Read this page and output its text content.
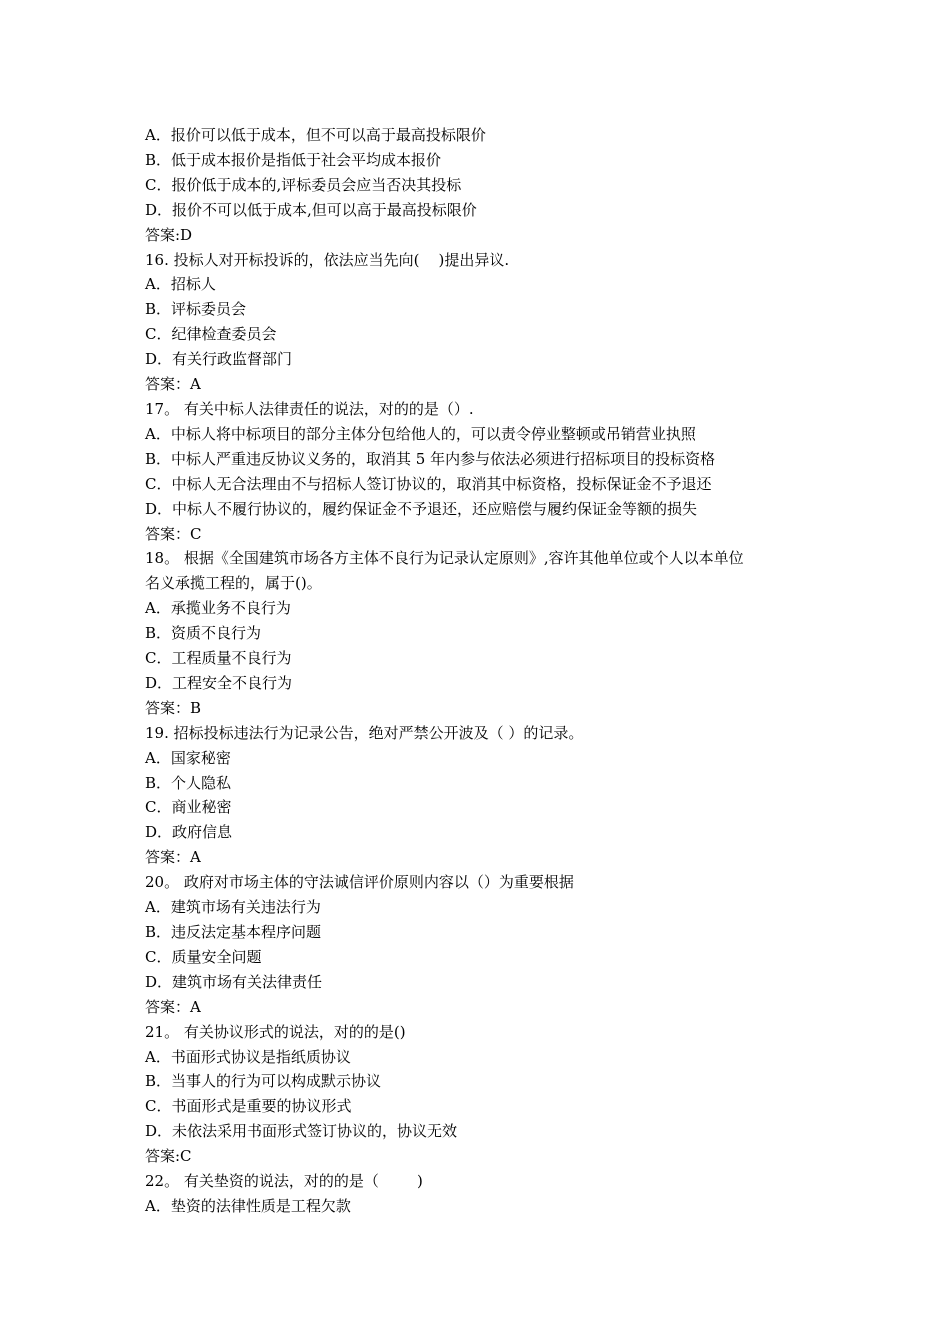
A．报价可以低于成本，但不可以高于最高投标限价

B．低于成本报价是指低于社会平均成本报价

C．报价低于成本的,评标委员会应当否决其投标

D．报价不可以低于成本,但可以高于最高投标限价

答案:D

16. 投标人对开标投诉的，依法应当先向(    )提出异议.

A．招标人

B．评标委员会

C．纪律检查委员会

D．有关行政监督部门

答案：A

17。 有关中标人法律责任的说法，对的的是（）.

A．中标人将中标项目的部分主体分包给他人的，可以责令停业整顿或吊销营业执照

B．中标人严重违反协议义务的，取消其 5 年内参与依法必须进行招标项目的投标资格

C．中标人无合法理由不与招标人签订协议的，取消其中标资格，投标保证金不予退还

D．中标人不履行协议的，履约保证金不予退还，还应赔偿与履约保证金等额的损失

答案：C

18。 根据《全国建筑市场各方主体不良行为记录认定原则》,容许其他单位或个人以本单位

名义承揽工程的，属于()。

A．承揽业务不良行为

B．资质不良行为

C．工程质量不良行为

D．工程安全不良行为

答案：B

19. 招标投标违法行为记录公告，绝对严禁公开波及（ ）的记录。

A．国家秘密

B．个人隐私

C．商业秘密

D．政府信息

答案：A

20。 政府对市场主体的守法诚信评价原则内容以（）为重要根据

A．建筑市场有关违法行为

B．违反法定基本程序问题

C．质量安全问题

D．建筑市场有关法律责任

答案：A

21。 有关协议形式的说法，对的的是()

A．书面形式协议是指纸质协议

B．当事人的行为可以构成默示协议

C．书面形式是重要的协议形式

D．未依法采用书面形式签订协议的，协议无效

答案:C

22。 有关垫资的说法，对的的是（        )

A．垫资的法律性质是工程欠款
